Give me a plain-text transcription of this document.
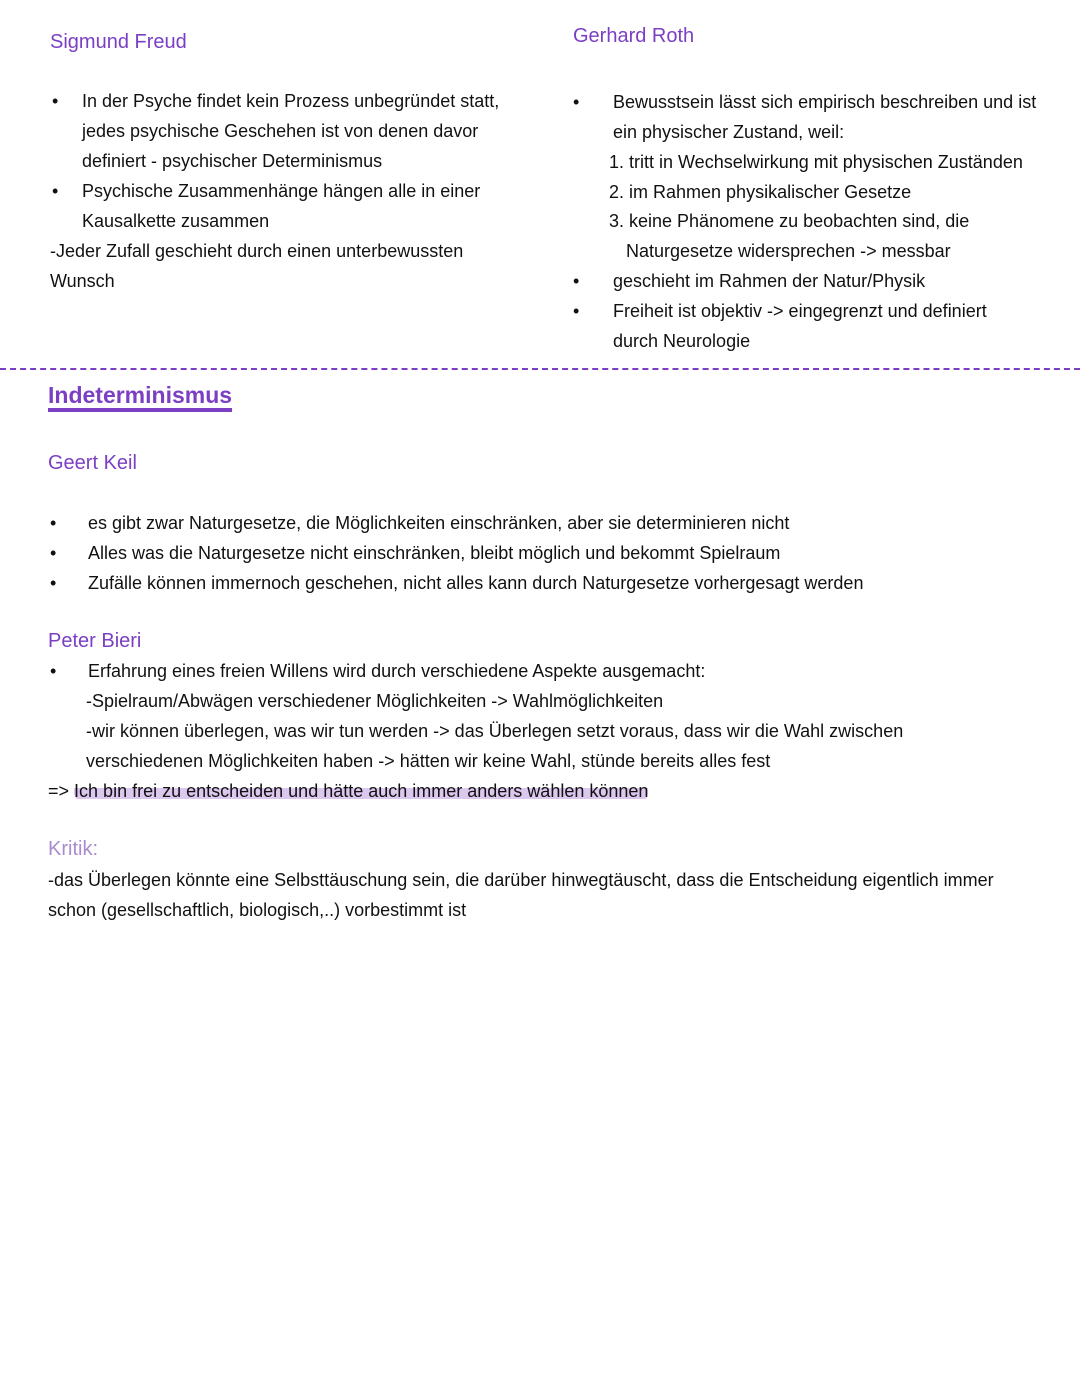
Sigmund Freud
• In der Psyche findet kein Prozess unbegründet statt,
jedes psychische Geschehen ist von denen davor
definiert - psychischer Determinismus
• Psychische Zusammenhänge hängen alle in einer
Kausalkette zusammen
-Jeder Zufall geschieht durch einen unterbewussten
Wunsch
Gerhard Roth
• Bewusstsein lässt sich empirisch beschreiben und ist
ein physischer Zustand, weil:
1. tritt in Wechselwirkung mit physischen Zuständen
2. im Rahmen physikalischer Gesetze
3. keine Phänomene zu beobachten sind, die
Naturgesetze widersprechen -> messbar
• geschieht im Rahmen der Natur/Physik
• Freiheit ist objektiv -> eingegrenzt und definiert
durch Neurologie
Indeterminismus
Geert Keil
• es gibt zwar Naturgesetze, die Möglichkeiten einschränken, aber sie determinieren nicht
• Alles was die Naturgesetze nicht einschränken, bleibt möglich und bekommt Spielraum
• Zufälle können immernoch geschehen, nicht alles kann durch Naturgesetze vorhergesagt werden
Peter Bieri
• Erfahrung eines freien Willens wird durch verschiedene Aspekte ausgemacht:
-Spielraum/Abwägen verschiedener Möglichkeiten -> Wahlmöglichkeiten
-wir können überlegen, was wir tun werden -> das Überlegen setzt voraus, dass wir die Wahl zwischen
verschiedenen Möglichkeiten haben -> hätten wir keine Wahl, stünde bereits alles fest
=> Ich bin frei zu entscheiden und hätte auch immer anders wählen können
Kritik:
-das Überlegen könnte eine Selbsttäuschung sein, die darüber hinwegtäuscht, dass die Entscheidung eigentlich immer
schon (gesellschaftlich, biologisch,..) vorbestimmt ist
